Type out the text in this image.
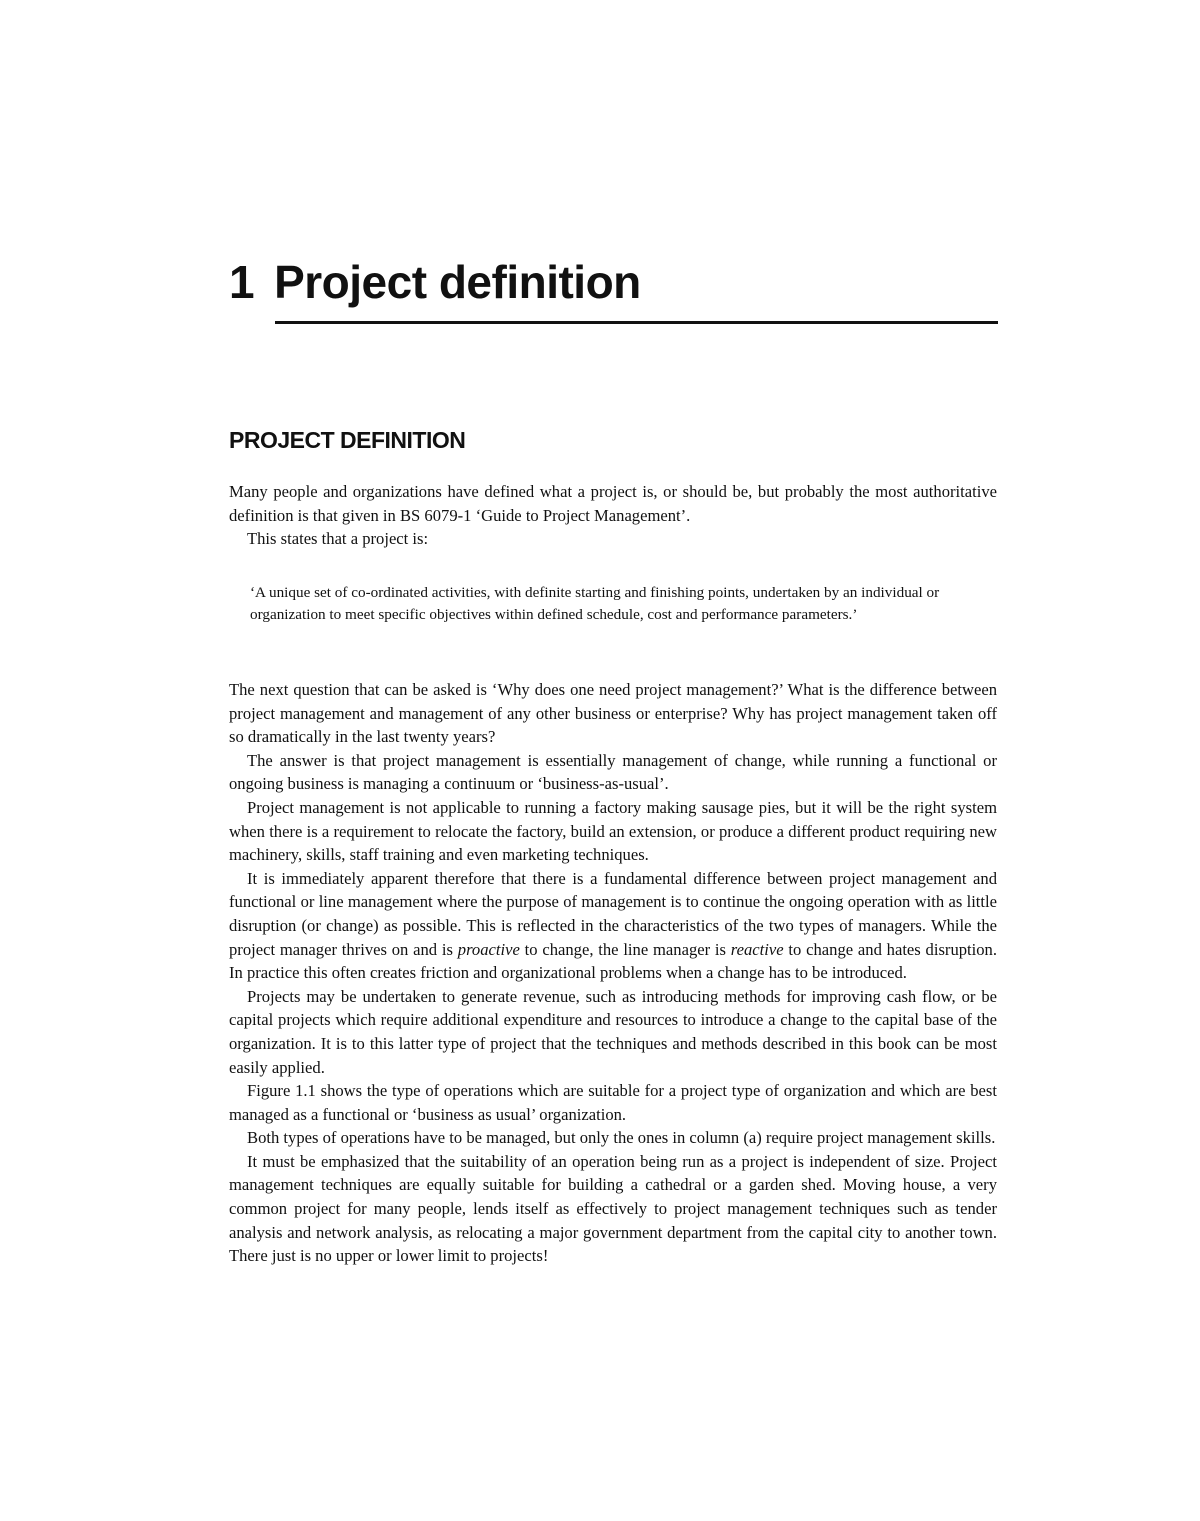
1 Project definition
PROJECT DEFINITION

Many people and organizations have defined what a project is, or should be, but probably the most authoritative definition is that given in BS 6079-1 ‘Guide to Project Management’.

This states that a project is:

‘A unique set of co-ordinated activities, with definite starting and finishing points, undertaken by an individual or organization to meet specific objectives within defined schedule, cost and performance parameters.’

The next question that can be asked is ‘Why does one need project management?’ What is the difference between project management and management of any other business or enterprise? Why has project management taken off so dramatically in the last twenty years?

The answer is that project management is essentially management of change, while running a functional or ongoing business is managing a continuum or ‘business-as-usual’.

Project management is not applicable to running a factory making sausage pies, but it will be the right system when there is a requirement to relocate the factory, build an extension, or produce a different product requiring new machinery, skills, staff training and even marketing techniques.

It is immediately apparent therefore that there is a fundamental difference between project management and functional or line management where the purpose of management is to continue the ongoing operation with as little disruption (or change) as possible. This is reflected in the characteristics of the two types of managers. While the project manager thrives on and is proactive to change, the line manager is reactive to change and hates disruption. In practice this often creates friction and organizational problems when a change has to be introduced.

Projects may be undertaken to generate revenue, such as introducing methods for improving cash flow, or be capital projects which require additional expenditure and resources to introduce a change to the capital base of the organization. It is to this latter type of project that the techniques and methods described in this book can be most easily applied.

Figure 1.1 shows the type of operations which are suitable for a project type of organization and which are best managed as a functional or ‘business as usual’ organization.

Both types of operations have to be managed, but only the ones in column (a) require project management skills.

It must be emphasized that the suitability of an operation being run as a project is independent of size. Project management techniques are equally suitable for building a cathedral or a garden shed. Moving house, a very common project for many people, lends itself as effectively to project management techniques such as tender analysis and network analysis, as relocating a major government department from the capital city to another town. There just is no upper or lower limit to projects!
